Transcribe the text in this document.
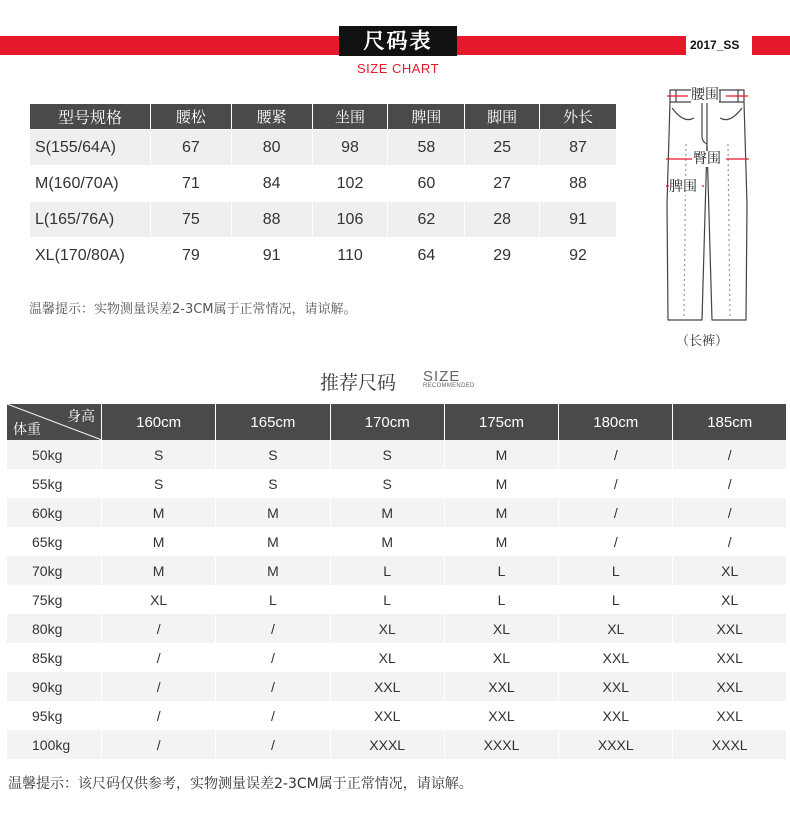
尺码表
SIZE CHART
2017_SS
型号规格	腰松	腰紧	坐围	脾围	脚围	外长
S(155/64A)	67	80	98	58	25	87
M(160/70A)	71	84	102	60	27	88
L(165/76A)	75	88	106	62	28	91
XL(170/80A)	79	91	110	64	29	92
温馨提示：实物测量误差2-3CM属于正常情况，请谅解。
腰围
臀围
脾围
（长裤）
推荐尺码 SIZE
RECOMMENDED
身高
体重	160cm	165cm	170cm	175cm	180cm	185cm
50kg	S	S	S	M	/	/
55kg	S	S	S	M	/	/
60kg	M	M	M	M	/	/
65kg	M	M	M	M	/	/
70kg	M	M	L	L	L	XL
75kg	XL	L	L	L	L	XL
80kg	/	/	XL	XL	XL	XXL
85kg	/	/	XL	XL	XXL	XXL
90kg	/	/	XXL	XXL	XXL	XXL
95kg	/	/	XXL	XXL	XXL	XXL
100kg	/	/	XXXL	XXXL	XXXL	XXXL
温馨提示：该尺码仅供参考，实物测量误差2-3CM属于正常情况，请谅解。
